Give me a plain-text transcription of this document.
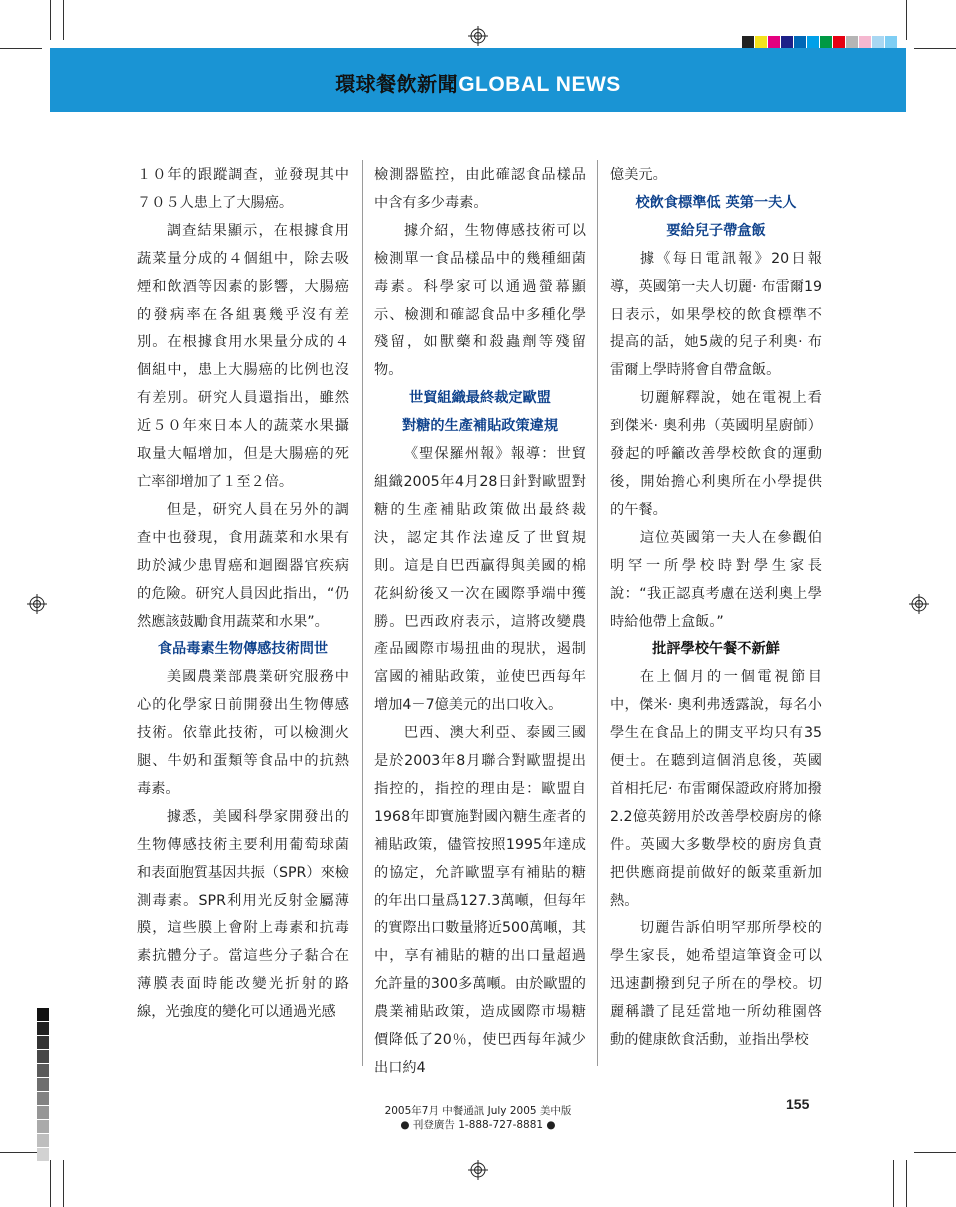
環球餐飲新聞GLOBAL NEWS

１０年的跟蹤調查，並發現其中７０５人患上了大腸癌。

調查結果顯示，在根據食用蔬菜量分成的４個組中，除去吸煙和飲酒等因素的影響，大腸癌的發病率在各組裏幾乎沒有差別。在根據食用水果量分成的４個組中，患上大腸癌的比例也沒有差別。研究人員還指出，雖然近５０年來日本人的蔬菜水果攝取量大幅增加，但是大腸癌的死亡率卻增加了１至２倍。

但是，研究人員在另外的調查中也發現，食用蔬菜和水果有助於減少患胃癌和迴圈器官疾病的危險。研究人員因此指出，“仍然應該鼓勵食用蔬菜和水果”。

食品毒素生物傳感技術問世

美國農業部農業研究服務中心的化學家日前開發出生物傳感技術。依靠此技術，可以檢測火腿、牛奶和蛋類等食品中的抗熱毒素。

據悉，美國科學家開發出的生物傳感技術主要利用葡萄球菌和表面胞質基因共振（SPR）來檢測毒素。SPR利用光反射金屬薄膜，這些膜上會附上毒素和抗毒素抗體分子。當這些分子黏合在薄膜表面時能改變光折射的路線，光強度的變化可以通過光感

檢測器監控，由此確認食品樣品中含有多少毒素。

據介紹，生物傳感技術可以檢測單一食品樣品中的幾種細菌毒素。科學家可以通過螢幕顯示、檢測和確認食品中多種化學殘留，如獸藥和殺蟲劑等殘留物。

世貿組織最終裁定歐盟
對糖的生產補貼政策違規

《聖保羅州報》報導：世貿組織2005年4月28日針對歐盟對糖的生產補貼政策做出最終裁決，認定其作法違反了世貿規則。這是自巴西贏得與美國的棉花糾紛後又一次在國際爭端中獲勝。巴西政府表示，這將改變農產品國際市場扭曲的現狀，遏制富國的補貼政策，並使巴西每年增加4－7億美元的出口收入。

巴西、澳大利亞、泰國三國是於2003年8月聯合對歐盟提出指控的，指控的理由是：歐盟自1968年即實施對國內糖生產者的補貼政策，儘管按照1995年達成的協定，允許歐盟享有補貼的糖的年出口量爲127.3萬噸，但每年的實際出口數量將近500萬噸，其中，享有補貼的糖的出口量超過允許量的300多萬噸。由於歐盟的農業補貼政策，造成國際市場糖價降低了20％，使巴西每年減少出口約4

億美元。

校飲食標準低 英第一夫人
要給兒子帶盒飯

據《每日電訊報》20日報導，英國第一夫人切麗· 布雷爾19日表示，如果學校的飲食標準不提高的話，她5歲的兒子利奧· 布雷爾上學時將會自帶盒飯。

切麗解釋說，她在電視上看到傑米· 奧利弗（英國明星廚師）發起的呼籲改善學校飲食的運動後，開始擔心利奧所在小學提供的午餐。

這位英國第一夫人在參觀伯明罕一所學校時對學生家長說：“我正認真考慮在送利奧上學時給他帶上盒飯。”

批評學校午餐不新鮮

在上個月的一個電視節目中，傑米· 奧利弗透露說，每名小學生在食品上的開支平均只有35便士。在聽到這個消息後，英國首相托尼· 布雷爾保證政府將加撥2.2億英鎊用於改善學校廚房的條件。英國大多數學校的廚房負責把供應商提前做好的飯菜重新加熱。

切麗告訴伯明罕那所學校的學生家長，她希望這筆資金可以迅速劃撥到兒子所在的學校。切麗稱讚了昆廷當地一所幼稚園啓動的健康飲食活動，並指出學校

2005年7月 中餐通訊 July 2005 美中版
● 刊登廣告 1-888-727-8881 ●
155
